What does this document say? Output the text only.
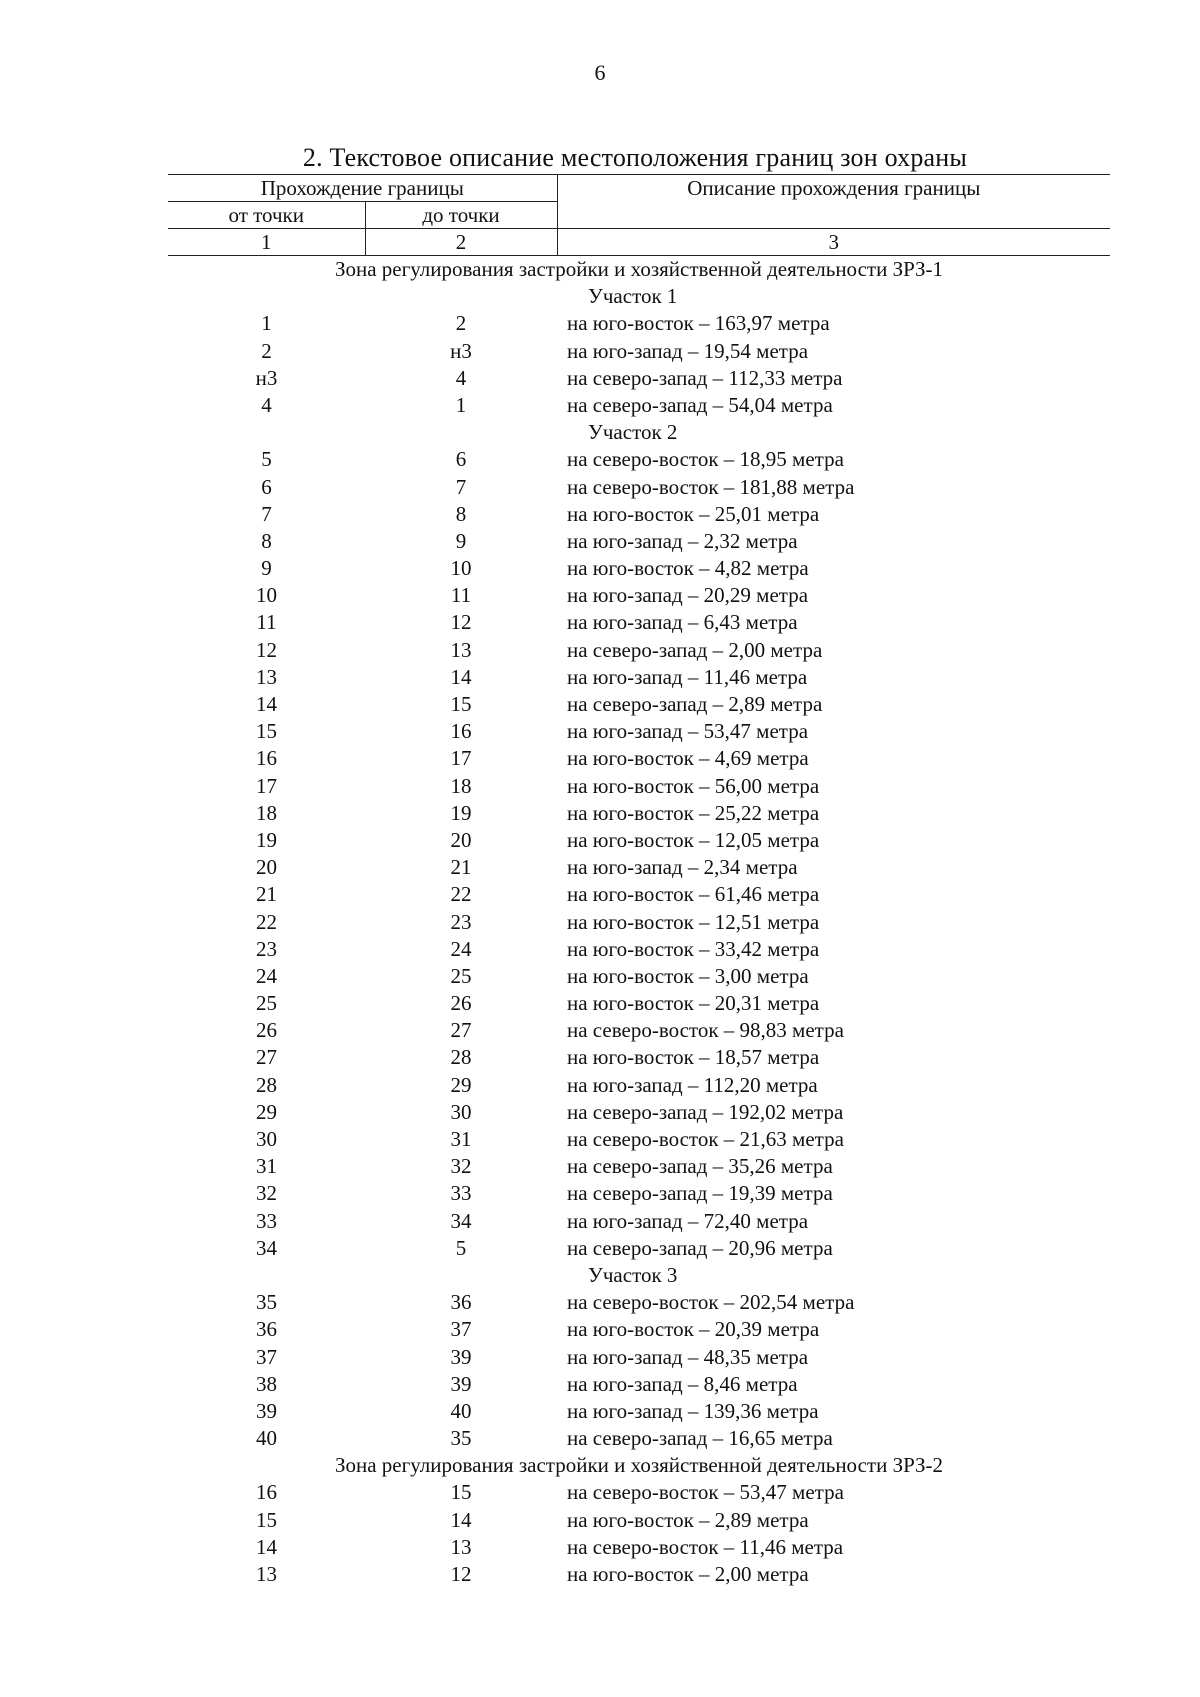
6
2. Текстовое описание местоположения границ зон охраны
Прохождение границы		Описание прохождения границы
от точки	до точки	
1	2	3
Зона регулирования застройки и хозяйственной деятельности ЗРЗ-1
Участок 1
1	2	на юго-восток – 163,97 метра
2	н3	на юго-запад – 19,54 метра
н3	4	на северо-запад – 112,33 метра
4	1	на северо-запад – 54,04 метра
Участок 2
5	6	на северо-восток – 18,95 метра
6	7	на северо-восток – 181,88 метра
7	8	на юго-восток – 25,01 метра
8	9	на юго-запад – 2,32 метра
9	10	на юго-восток – 4,82 метра
10	11	на юго-запад – 20,29 метра
11	12	на юго-запад – 6,43 метра
12	13	на северо-запад – 2,00 метра
13	14	на юго-запад – 11,46 метра
14	15	на северо-запад – 2,89 метра
15	16	на юго-запад – 53,47 метра
16	17	на юго-восток – 4,69 метра
17	18	на юго-восток – 56,00 метра
18	19	на юго-восток – 25,22 метра
19	20	на юго-восток – 12,05 метра
20	21	на юго-запад – 2,34 метра
21	22	на юго-восток – 61,46 метра
22	23	на юго-восток – 12,51 метра
23	24	на юго-восток – 33,42 метра
24	25	на юго-восток – 3,00 метра
25	26	на юго-восток – 20,31 метра
26	27	на северо-восток – 98,83 метра
27	28	на юго-восток – 18,57 метра
28	29	на юго-запад – 112,20 метра
29	30	на северо-запад – 192,02 метра
30	31	на северо-восток – 21,63 метра
31	32	на северо-запад – 35,26 метра
32	33	на северо-запад – 19,39 метра
33	34	на юго-запад – 72,40 метра
34	5	на северо-запад – 20,96 метра
Участок 3
35	36	на северо-восток – 202,54 метра
36	37	на юго-восток – 20,39 метра
37	39	на юго-запад – 48,35 метра
38	39	на юго-запад – 8,46 метра
39	40	на юго-запад – 139,36 метра
40	35	на северо-запад – 16,65 метра
Зона регулирования застройки и хозяйственной деятельности ЗРЗ-2
16	15	на северо-восток – 53,47 метра
15	14	на юго-восток – 2,89 метра
14	13	на северо-восток – 11,46 метра
13	12	на юго-восток – 2,00 метра
